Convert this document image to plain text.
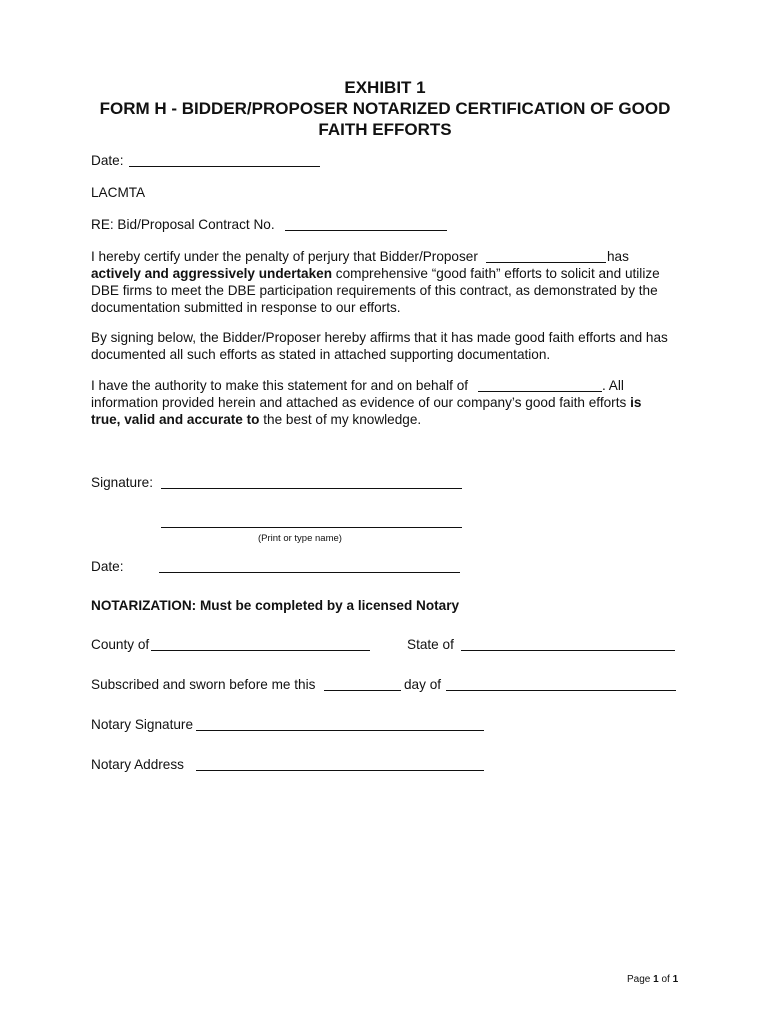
EXHIBIT 1
FORM H - BIDDER/PROPOSER NOTARIZED CERTIFICATION OF GOOD
FAITH EFFORTS
Date:
LACMTA
RE: Bid/Proposal Contract No.
I hereby certify under the penalty of perjury that Bidder/Proposer	has
actively and aggressively undertaken comprehensive “good faith” efforts to solicit and utilize
DBE firms to meet the DBE participation requirements of this contract, as demonstrated by the
documentation submitted in response to our efforts.
By signing below, the Bidder/Proposer hereby affirms that it has made good faith efforts and has
documented all such efforts as stated in attached supporting documentation.
I have the authority to make this statement for and on behalf of	. All
information provided herein and attached as evidence of our company’s good faith efforts is
true, valid and accurate to the best of my knowledge.
Signature:
(Print or type name)
Date:
NOTARIZATION: Must be completed by a licensed Notary
County of	State of
Subscribed and sworn before me this	day of
Notary Signature
Notary Address
Page 1 of 1
